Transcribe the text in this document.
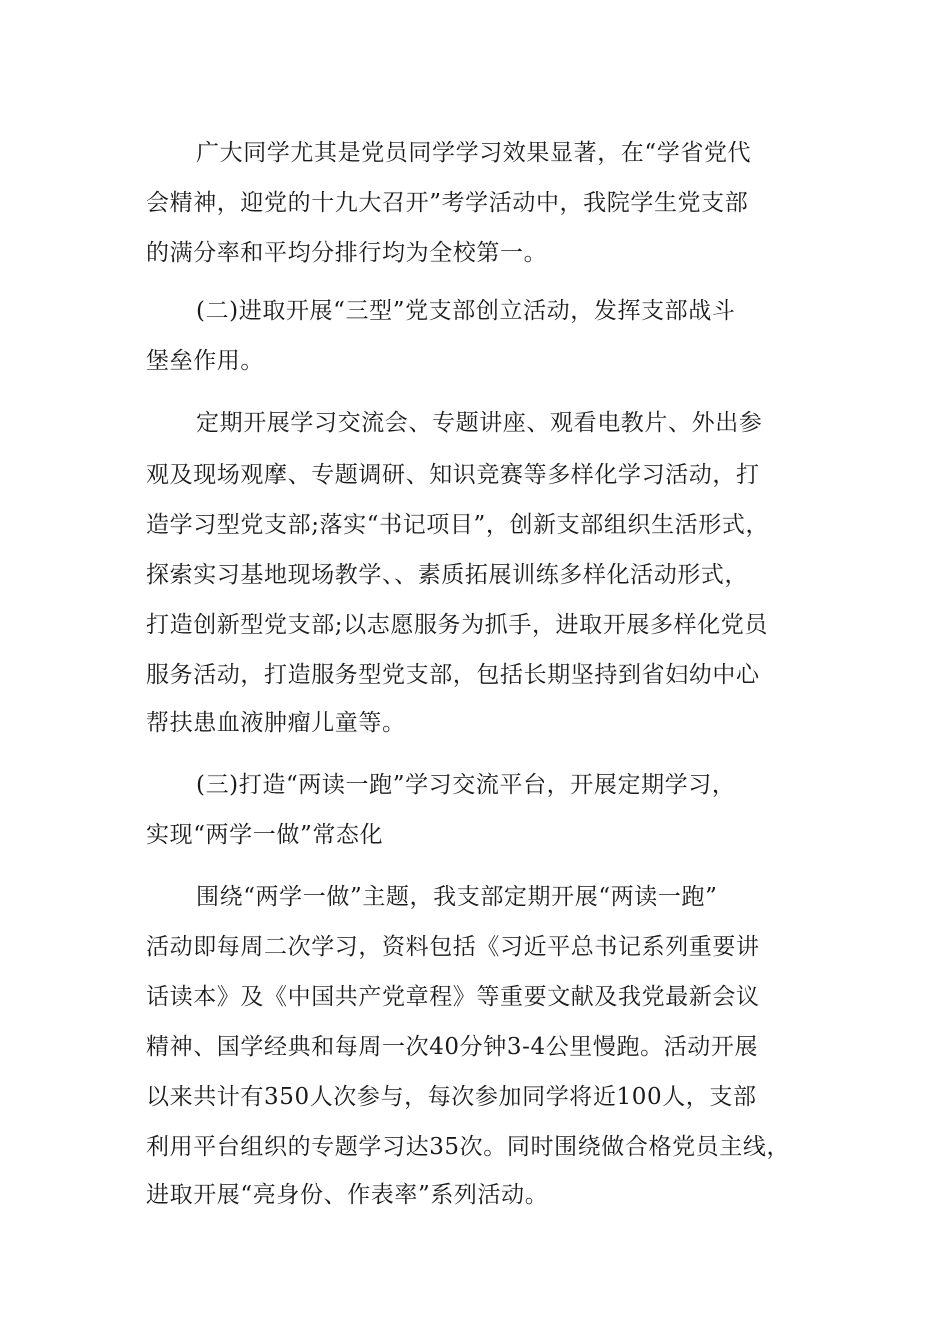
广大同学尤其是党员同学学习效果显著，在“学省党代
会精神，迎党的十九大召开”考学活动中，我院学生党支部
的满分率和平均分排行均为全校第一。
(二)进取开展“三型”党支部创立活动，发挥支部战斗
堡垒作用。
定期开展学习交流会、专题讲座、观看电教片、外出参
观及现场观摩、专题调研、知识竞赛等多样化学习活动，打
造学习型党支部;落实“书记项目”，创新支部组织生活形式，
探索实习基地现场教学、、素质拓展训练多样化活动形式，
打造创新型党支部;以志愿服务为抓手，进取开展多样化党员
服务活动，打造服务型党支部，包括长期坚持到省妇幼中心
帮扶患血液肿瘤儿童等。
(三)打造“两读一跑”学习交流平台，开展定期学习，
实现“两学一做”常态化
围绕“两学一做”主题，我支部定期开展“两读一跑”
活动即每周二次学习，资料包括《习近平总书记系列重要讲
话读本》及《中国共产党章程》等重要文献及我党最新会议
精神、国学经典和每周一次40分钟3-4公里慢跑。活动开展
以来共计有350人次参与，每次参加同学将近100人，支部
利用平台组织的专题学习达35次。同时围绕做合格党员主线，
进取开展“亮身份、作表率”系列活动。
